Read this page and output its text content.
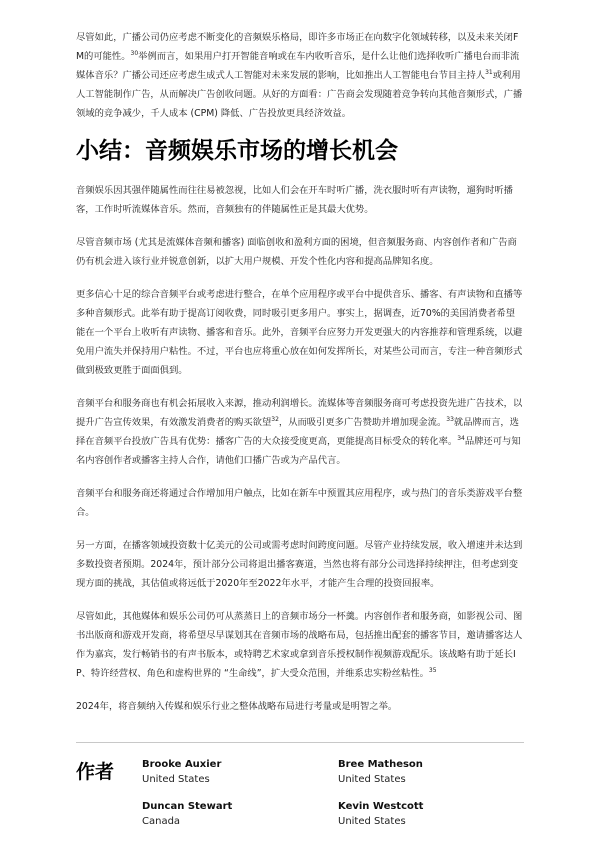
尽管如此，广播公司仍应考虑不断变化的音频娱乐格局，即许多市场正在向数字化领域转移，以及未来关闭FM的可能性。$^{30}$举例而言，如果用户打开智能音响或在车内收听音乐，是什么让他们选择收听广播电台而非流媒体音乐？广播公司还应考虑生成式人工智能对未来发展的影响，比如推出人工智能电台节目主持人$^{31}$或利用人工智能制作广告，从而解决广告创收问题。从好的方面看：广告商会发现随着竞争转向其他音频形式，广播领域的竞争减少，千人成本 (CPM) 降低、广告投放更具经济效益。

小结：音频娱乐市场的增长机会

音频娱乐因其强伴随属性而往往易被忽视，比如人们会在开车时听广播，洗衣服时听有声读物，遛狗时听播客，工作时听流媒体音乐。然而，音频独有的伴随属性正是其最大优势。

尽管音频市场 (尤其是流媒体音频和播客) 面临创收和盈利方面的困境，但音频服务商、内容创作者和广告商仍有机会进入该行业并锐意创新，以扩大用户规模、开发个性化内容和提高品牌知名度。

更多信心十足的综合音频平台或考虑进行整合，在单个应用程序或平台中提供音乐、播客、有声读物和直播等多种音频形式。此举有助于提高订阅收费，同时吸引更多用户。事实上，据调查，近70%的美国消费者希望能在一个平台上收听有声读物、播客和音乐。此外，音频平台应努力开发更强大的内容推荐和管理系统，以避免用户流失并保持用户粘性。不过，平台也应将重心放在如何发挥所长，对某些公司而言，专注一种音频形式做到极致更胜于面面俱到。

音频平台和服务商也有机会拓展收入来源，推动利润增长。流媒体等音频服务商可考虑投资先进广告技术，以提升广告宣传效果，有效激发消费者的购买欲望$^{32}$，从而吸引更多广告赞助并增加现金流。$^{33}$就品牌而言，选择在音频平台投放广告具有优势：播客广告的大众接受度更高，更能提高目标受众的转化率。$^{34}$品牌还可与知名内容创作者或播客主持人合作，请他们口播广告或为产品代言。

音频平台和服务商还将通过合作增加用户触点，比如在新车中预置其应用程序，或与热门的音乐类游戏平台整合。

另一方面，在播客领域投资数十亿美元的公司或需考虑时间跨度问题。尽管产业持续发展，收入增速并未达到多数投资者预期。2024年，预计部分公司将退出播客赛道，当然也将有部分公司选择持续押注，但考虑到变现方面的挑战，其估值或将远低于2020年至2022年水平，才能产生合理的投资回报率。

尽管如此，其他媒体和娱乐公司仍可从蒸蒸日上的音频市场分一杯羹。内容创作者和服务商，如影视公司、图书出版商和游戏开发商，将希望尽早谋划其在音频市场的战略布局，包括推出配套的播客节目，邀请播客达人作为嘉宾，发行畅销书的有声书版本，或特聘艺术家或拿到音乐授权制作视频游戏配乐。该战略有助于延长IP、特许经营权、角色和虚构世界的 “生命线”，扩大受众范围，并维系忠实粉丝粘性。$^{35}$

2024年，将音频纳入传媒和娱乐行业之整体战略布局进行考量或是明智之举。

作者	Brooke Auxier
United States
Bree Matheson
United States
Duncan Stewart
Canada
Kevin Westcott
United States
